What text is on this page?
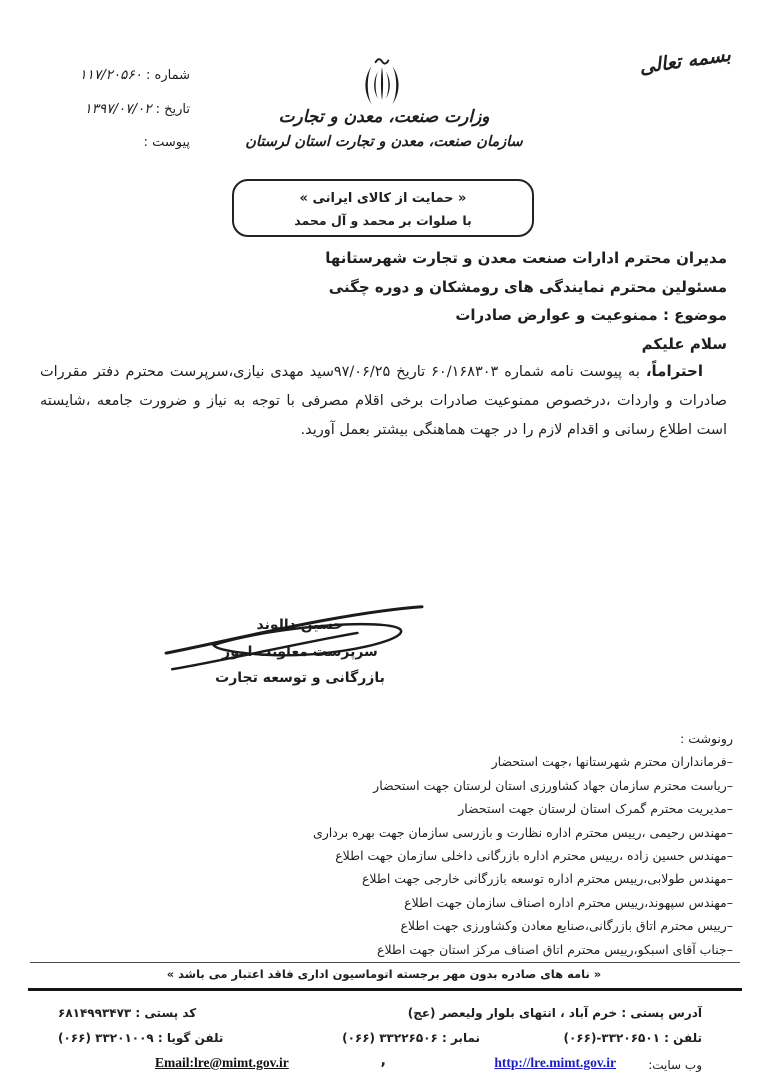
بسمه تعالی
شماره : ۱۱۷/۲۰۵۶۰
تاریخ : ۱۳۹۷/۰۷/۰۲
پیوست :
وزارت صنعت، معدن و تجارت
سازمان صنعت، معدن و تجارت استان لرستان
« حمایت از کالای ایرانی »
با صلوات بر محمد و آل محمد
مدیران محترم ادارات صنعت معدن و تجارت شهرستانها
مسئولین محترم نمایندگی های رومشکان و دوره چگنی
موضوع : ممنوعیت و عوارض صادرات
سلام علیکم

احتراماً، به پیوست نامه شماره ۶۰/۱۶۸۳۰۳ تاریخ ۹۷/۰۶/۲۵سید مهدی نیازی،سرپرست محترم دفتر مقررات صادرات و واردات ،درخصوص ممنوعیت صادرات برخی اقلام مصرفی با توجه به نیاز و ضرورت جامعه ،شایسته است اطلاع رسانی و اقدام لازم را در جهت هماهنگی بیشتر بعمل آورید.

حسین دالوند
سرپرست معاونت امور
بازرگانی و توسعه تجارت
رونوشت :
–فرمانداران محترم شهرستانها ،جهت استحضار
–ریاست محترم سازمان جهاد کشاورزی استان لرستان جهت استحضار
–مدیریت محترم گمرک استان لرستان جهت استحضار
–مهندس رحیمی ،رییس محترم اداره نظارت و بازرسی سازمان جهت بهره برداری
–مهندس حسین زاده ،رییس محترم اداره بازرگانی داخلی سازمان جهت اطلاع
–مهندس طولابی،رییس محترم اداره توسعه بازرگانی خارجی جهت اطلاع
–مهندس سپهوند،رییس محترم اداره اصناف سازمان جهت اطلاع
–رییس محترم اتاق بازرگانی،صنایع معادن وکشاورزی جهت اطلاع
–جناب آقای اسبکو،رییس محترم اتاق اصناف مرکز استان جهت اطلاع
« نامه های صادره بدون مهر برجسته اتوماسیون اداری فاقد اعتبار می باشد »
آدرس پستی : خرم آباد ، انتهای بلوار ولیعصر (عج)
کد پستی : ۶۸۱۴۹۹۳۴۷۳
تلفن : ۳۳۲۰۶۵۰۱-(۰۶۶)
نمابر : ۳۳۲۲۶۵۰۶ (۰۶۶)
تلفن گویا : ۳۳۲۰۱۰۰۹ (۰۶۶)
وب سایت:
http://lre.mimt.gov.ir
,
Email:lre@mimt.gov.ir
